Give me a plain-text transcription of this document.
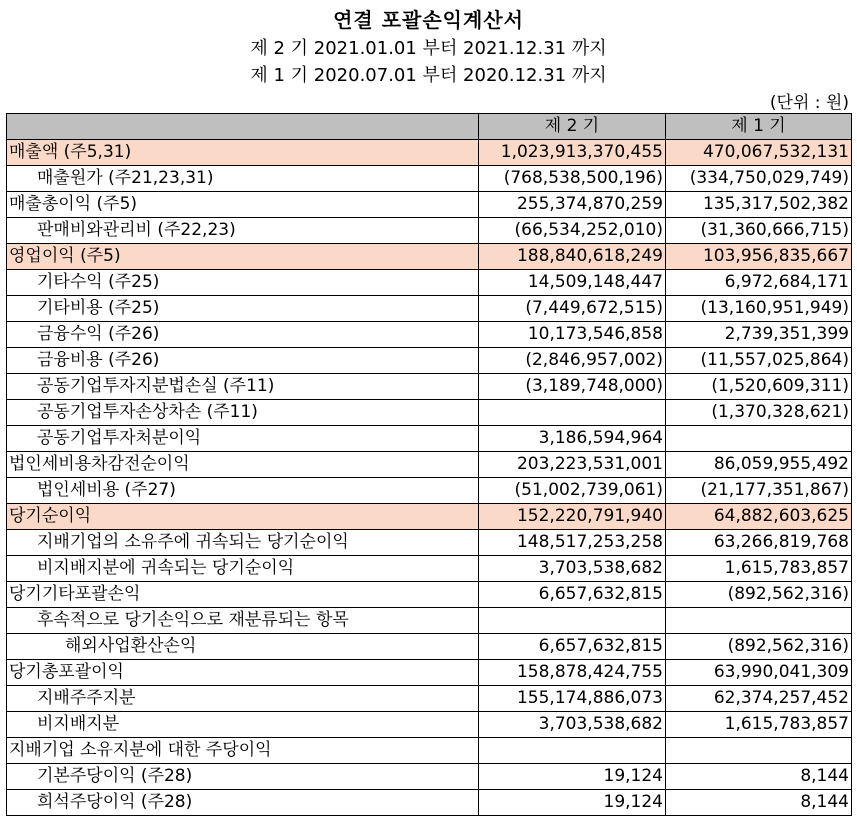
연결 포괄손익계산서
제 2 기 2021.01.01 부터 2021.12.31 까지
제 1 기 2020.07.01 부터 2020.12.31 까지
(단위 : 원)
	제 2 기	제 1 기
매출액 (주5,31)	1,023,913,370,455	470,067,532,131
매출원가 (주21,23,31)	(768,538,500,196)	(334,750,029,749)
매출총이익 (주5)	255,374,870,259	135,317,502,382
판매비와관리비 (주22,23)	(66,534,252,010)	(31,360,666,715)
영업이익 (주5)	188,840,618,249	103,956,835,667
기타수익 (주25)	14,509,148,447	6,972,684,171
기타비용 (주25)	(7,449,672,515)	(13,160,951,949)
금융수익 (주26)	10,173,546,858	2,739,351,399
금융비용 (주26)	(2,846,957,002)	(11,557,025,864)
공동기업투자지분법손실 (주11)	(3,189,748,000)	(1,520,609,311)
공동기업투자손상차손 (주11)		(1,370,328,621)
공동기업투자처분이익	3,186,594,964	
법인세비용차감전순이익	203,223,531,001	86,059,955,492
법인세비용 (주27)	(51,002,739,061)	(21,177,351,867)
당기순이익	152,220,791,940	64,882,603,625
지배기업의 소유주에 귀속되는 당기순이익	148,517,253,258	63,266,819,768
비지배지분에 귀속되는 당기순이익	3,703,538,682	1,615,783,857
당기기타포괄손익	6,657,632,815	(892,562,316)
후속적으로 당기손익으로 재분류되는 항목		
해외사업환산손익	6,657,632,815	(892,562,316)
당기총포괄이익	158,878,424,755	63,990,041,309
지배주주지분	155,174,886,073	62,374,257,452
비지배지분	3,703,538,682	1,615,783,857
지배기업 소유지분에 대한 주당이익		
기본주당이익 (주28)	19,124	8,144
희석주당이익 (주28)	19,124	8,144
